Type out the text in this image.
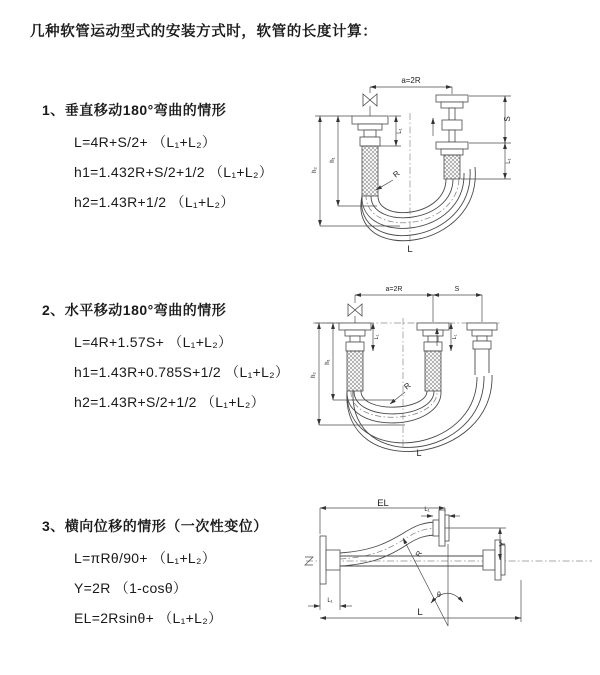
几种软管运动型式的安装方式时，软管的长度计算：
1、垂直移动180°弯曲的情形
L=4R+S/2+ （L₁+L₂）
h1=1.432R+S/2+1/2 （L₁+L₂）
h2=1.43R+1/2 （L₁+L₂）
a=2R
S
L₁
L₁
h₁
h₂	R
L
2、水平移动180°弯曲的情形
L=4R+1.57S+ （L₁+L₂）
h1=1.43R+0.785S+1/2 （L₁+L₂）
h2=1.43R+S/2+1/2 （L₁+L₂）
a=2R	S
L₁	L₁
h₁
h₂
R
L
3、横向位移的情形（一次性变位）
L=πRθ/90+ （L₁+L₂）
Y=2R （1-cosθ）
EL=2Rsinθ+ （L₁+L₂）
θ
R
EL
L₁
Y
L₁
L
